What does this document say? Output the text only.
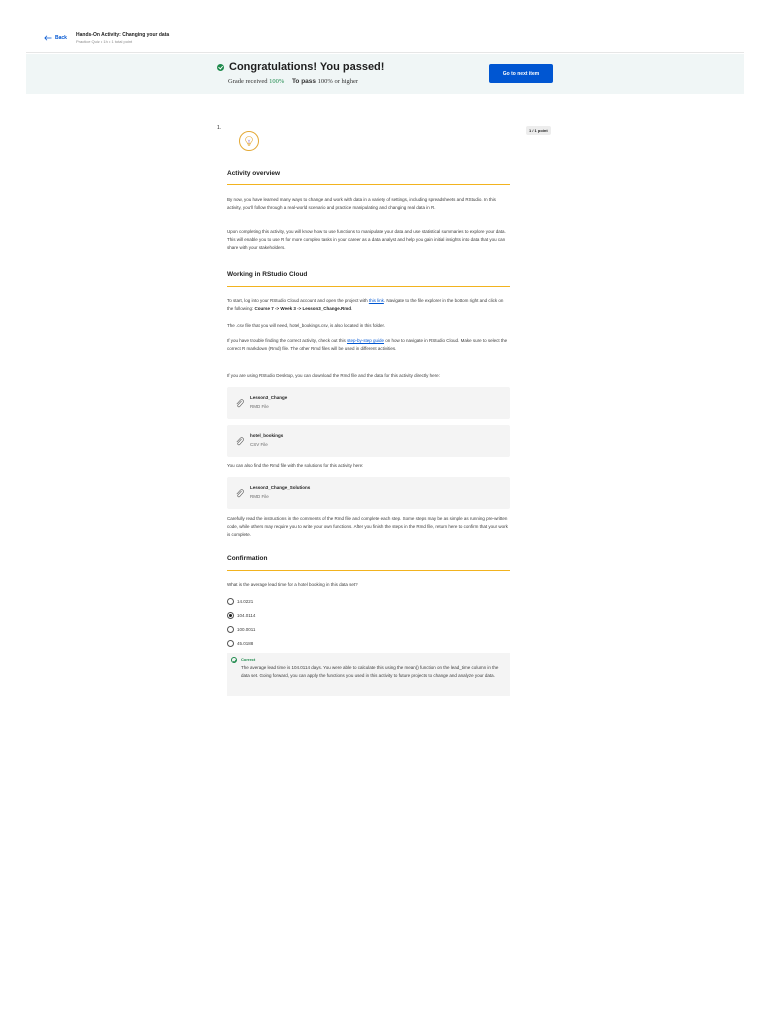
Back Hands-On Activity: Changing your data
Practice Quiz • 1h • 1 total point
Congratulations! You passed!
Grade received 100% To pass 100% or higher
Go to next item
1.	1 / 1 point
Activity overview
By now, you have learned many ways to change and work with data in a variety of settings, including spreadsheets and RStudio. In this activity, you’ll follow through a real-world scenario and practice manipulating and changing real data in R.
Upon completing this activity, you will know how to use functions to manipulate your data and use statistical summaries to explore your data. This will enable you to use R for more complex tasks in your career as a data analyst and help you gain initial insights into data that you can share with your stakeholders.
Working in RStudio Cloud
To start, log into your RStudio Cloud account and open the project with this link. Navigate to the file explorer in the bottom right and click on the following: Course 7 -> Week 3 -> Lesson3_Change.Rmd.
The .csv file that you will need, hotel_bookings.csv, is also located in this folder.
If you have trouble finding the correct activity, check out this step-by-step guide on how to navigate in RStudio Cloud. Make sure to select the correct R markdown (Rmd) file. The other Rmd files will be used in different activities.
If you are using RStudio Desktop, you can download the Rmd file and the data for this activity directly here:
Lesson3_Change
RMD File
hotel_bookings
CSV File
You can also find the Rmd file with the solutions for this activity here:
Lesson3_Change_Solutions
RMD File
Carefully read the instructions in the comments of the Rmd file and complete each step. Some steps may be as simple as running pre-written code, while others may require you to write your own functions. After you finish the steps in the Rmd file, return here to confirm that your work is complete.
Confirmation
What is the average lead time for a hotel booking in this data set?
14.0221
104.0114
100.0011
45.0188
Correct
The average lead time is 104.0114 days. You were able to calculate this using the mean() function on the lead_time column in the data set. Going forward, you can apply the functions you used in this activity to future projects to change and analyze your data.
